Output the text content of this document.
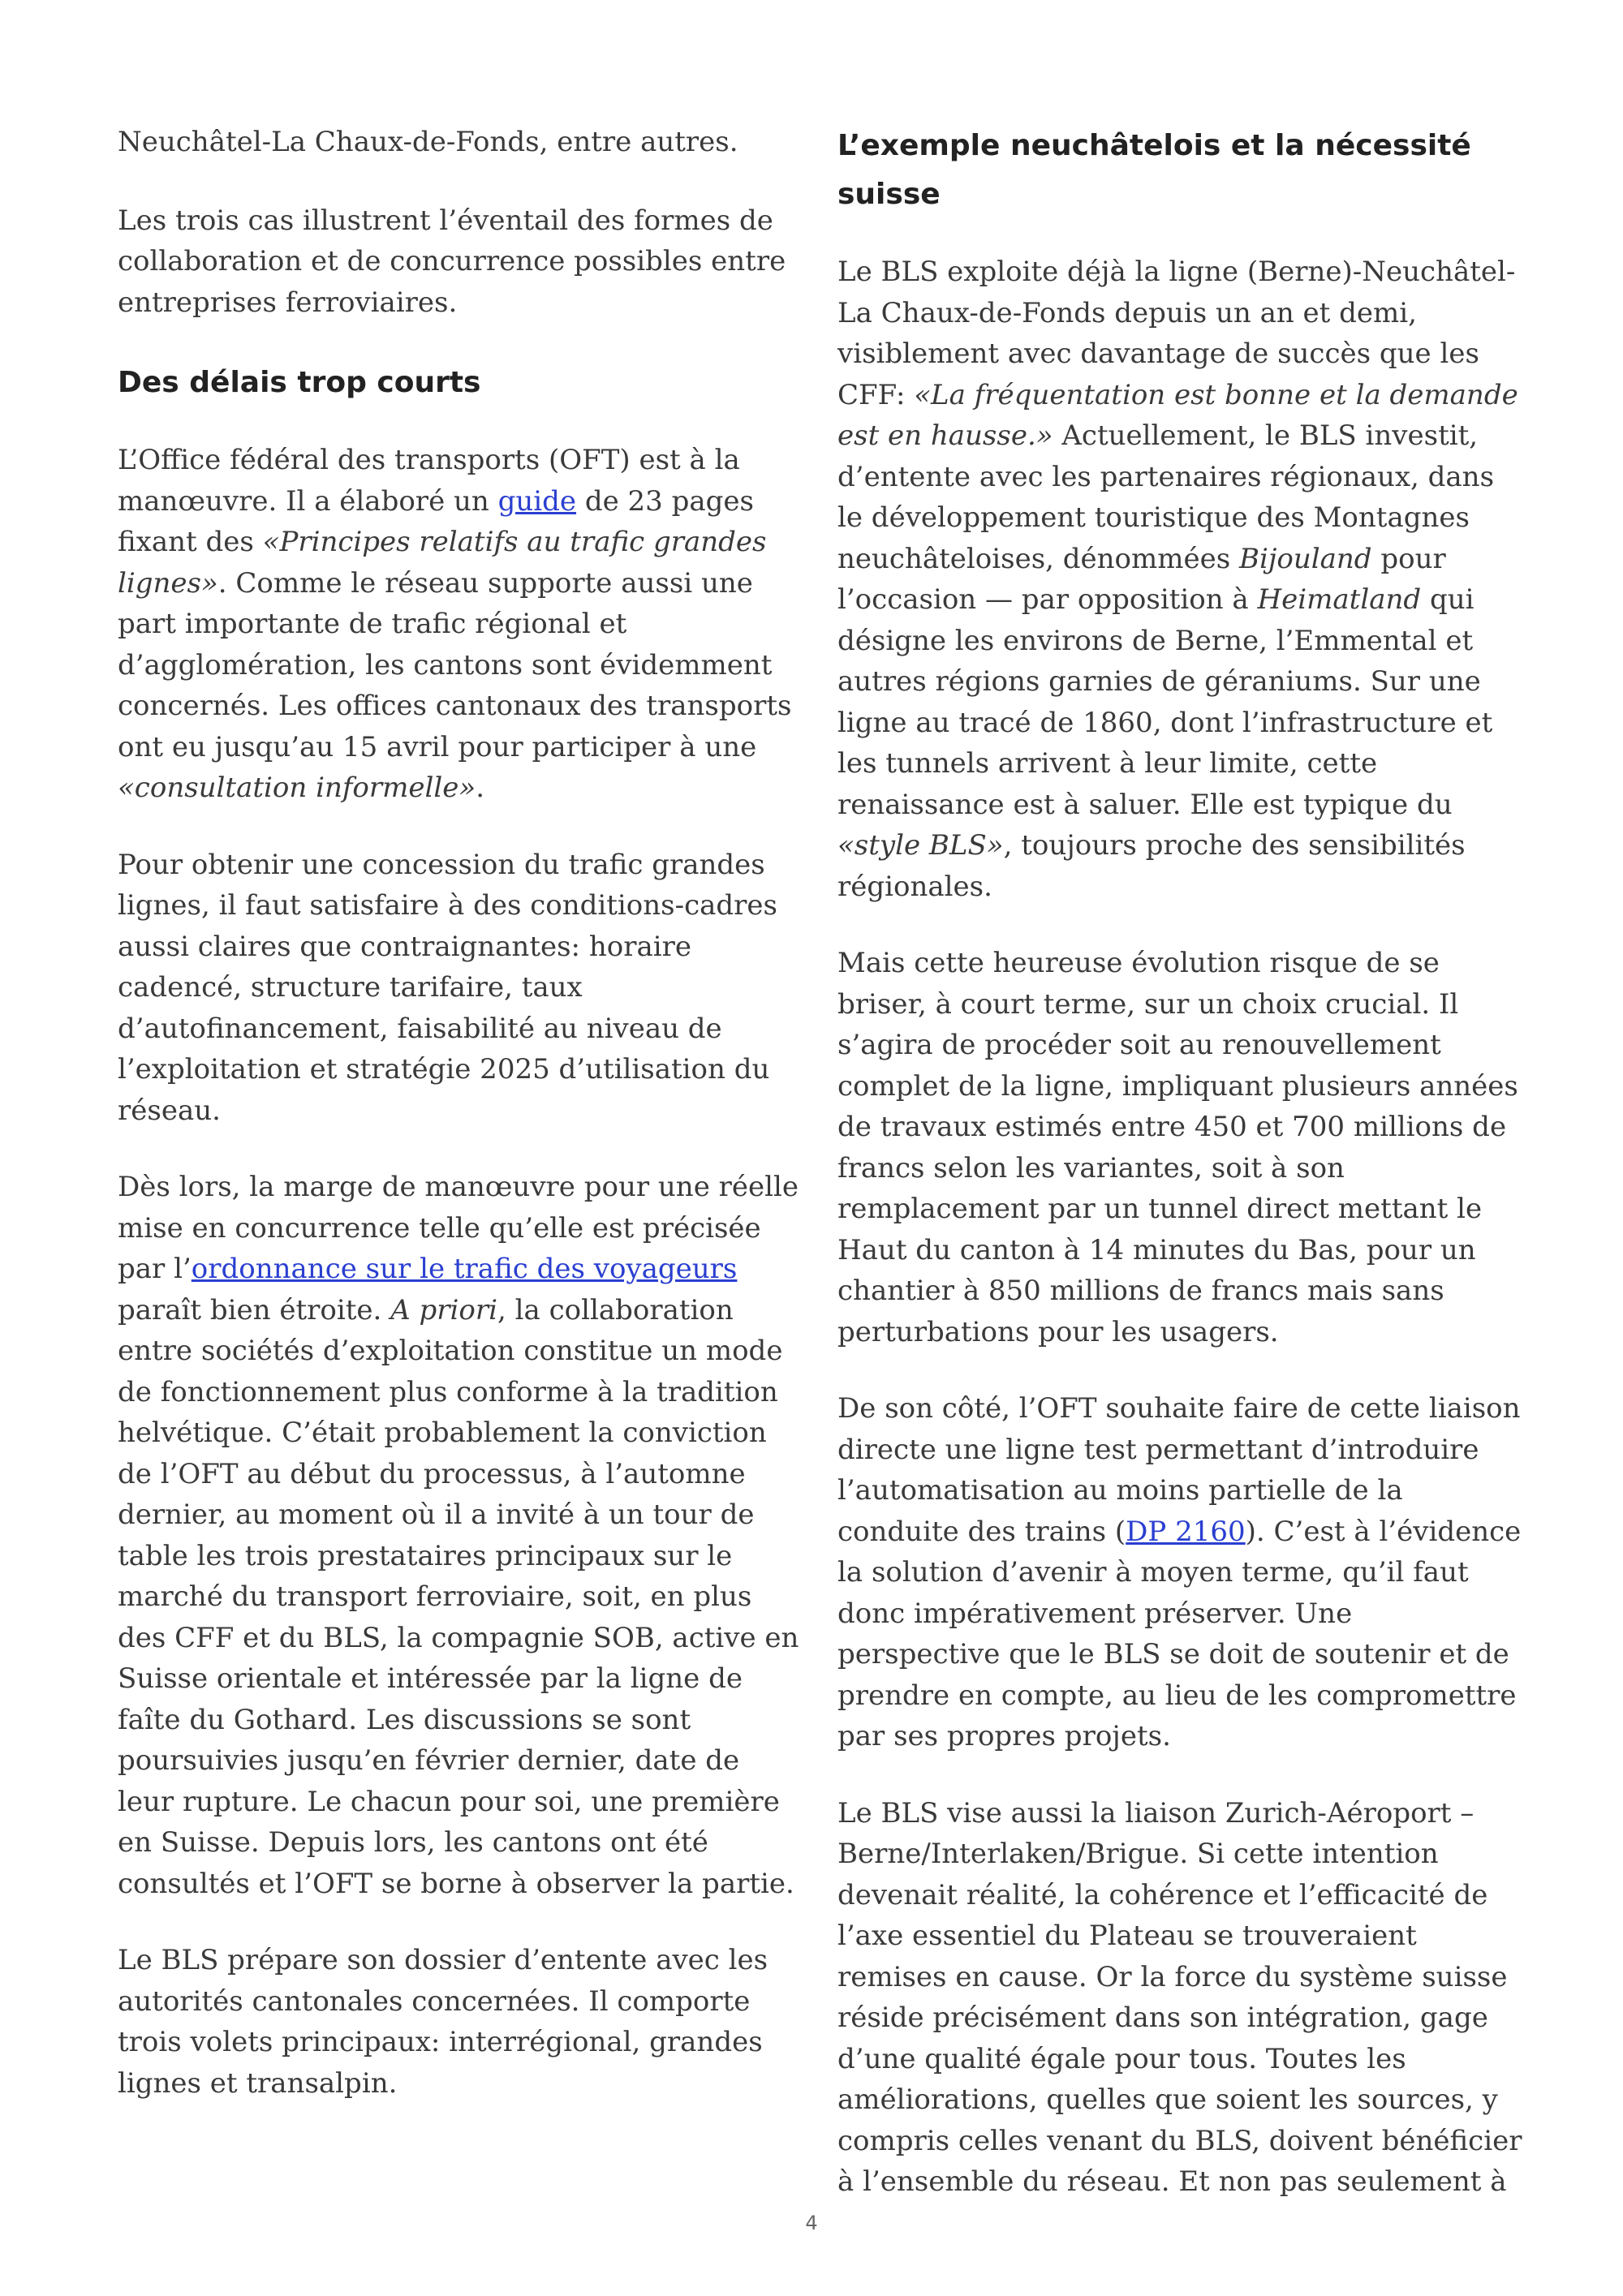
Neuchâtel-La Chaux-de-Fonds, entre autres.

Les trois cas illustrent l’éventail des formes de collaboration et de concurrence possibles entre entreprises ferroviaires.

Des délais trop courts

L’Office fédéral des transports (OFT) est à la manœuvre. Il a élaboré un guide de 23 pages fixant des «Principes relatifs au trafic grandes lignes». Comme le réseau supporte aussi une part importante de trafic régional et d’agglomération, les cantons sont évidemment concernés. Les offices cantonaux des transports ont eu jusqu’au 15 avril pour participer à une «consultation informelle».

Pour obtenir une concession du trafic grandes lignes, il faut satisfaire à des conditions-cadres aussi claires que contraignantes: horaire cadencé, structure tarifaire, taux d’autofinancement, faisabilité au niveau de l’exploitation et stratégie 2025 d’utilisation du réseau.

Dès lors, la marge de manœuvre pour une réelle mise en concurrence telle qu’elle est précisée par l’ordonnance sur le trafic des voyageurs paraît bien étroite. A priori, la collaboration entre sociétés d’exploitation constitue un mode de fonctionnement plus conforme à la tradition helvétique. C’était probablement la conviction de l’OFT au début du processus, à l’automne dernier, au moment où il a invité à un tour de table les trois prestataires principaux sur le marché du transport ferroviaire, soit, en plus des CFF et du BLS, la compagnie SOB, active en Suisse orientale et intéressée par la ligne de faîte du Gothard. Les discussions se sont poursuivies jusqu’en février dernier, date de leur rupture. Le chacun pour soi, une première en Suisse. Depuis lors, les cantons ont été consultés et l’OFT se borne à observer la partie.

Le BLS prépare son dossier d’entente avec les autorités cantonales concernées. Il comporte trois volets principaux: interrégional, grandes lignes et transalpin.

L’exemple neuchâtelois et la nécessité suisse

Le BLS exploite déjà la ligne (Berne)-Neuchâtel-La Chaux-de-Fonds depuis un an et demi, visiblement avec davantage de succès que les CFF: «La fréquentation est bonne et la demande est en hausse.» Actuellement, le BLS investit, d’entente avec les partenaires régionaux, dans le développement touristique des Montagnes neuchâteloises, dénommées Bijouland pour l’occasion — par opposition à Heimatland qui désigne les environs de Berne, l’Emmental et autres régions garnies de géraniums. Sur une ligne au tracé de 1860, dont l’infrastructure et les tunnels arrivent à leur limite, cette renaissance est à saluer. Elle est typique du «style BLS», toujours proche des sensibilités régionales.

Mais cette heureuse évolution risque de se briser, à court terme, sur un choix crucial. Il s’agira de procéder soit au renouvellement complet de la ligne, impliquant plusieurs années de travaux estimés entre 450 et 700 millions de francs selon les variantes, soit à son remplacement par un tunnel direct mettant le Haut du canton à 14 minutes du Bas, pour un chantier à 850 millions de francs mais sans perturbations pour les usagers.

De son côté, l’OFT souhaite faire de cette liaison directe une ligne test permettant d’introduire l’automatisation au moins partielle de la conduite des trains (DP 2160). C’est à l’évidence la solution d’avenir à moyen terme, qu’il faut donc impérativement préserver. Une perspective que le BLS se doit de soutenir et de prendre en compte, au lieu de les compromettre par ses propres projets.

Le BLS vise aussi la liaison Zurich-Aéroport – Berne/Interlaken/Brigue. Si cette intention devenait réalité, la cohérence et l’efficacité de l’axe essentiel du Plateau se trouveraient remises en cause. Or la force du système suisse réside précisément dans son intégration, gage d’une qualité égale pour tous. Toutes les améliorations, quelles que soient les sources, y compris celles venant du BLS, doivent bénéficier à l’ensemble du réseau. Et non pas seulement à

4
